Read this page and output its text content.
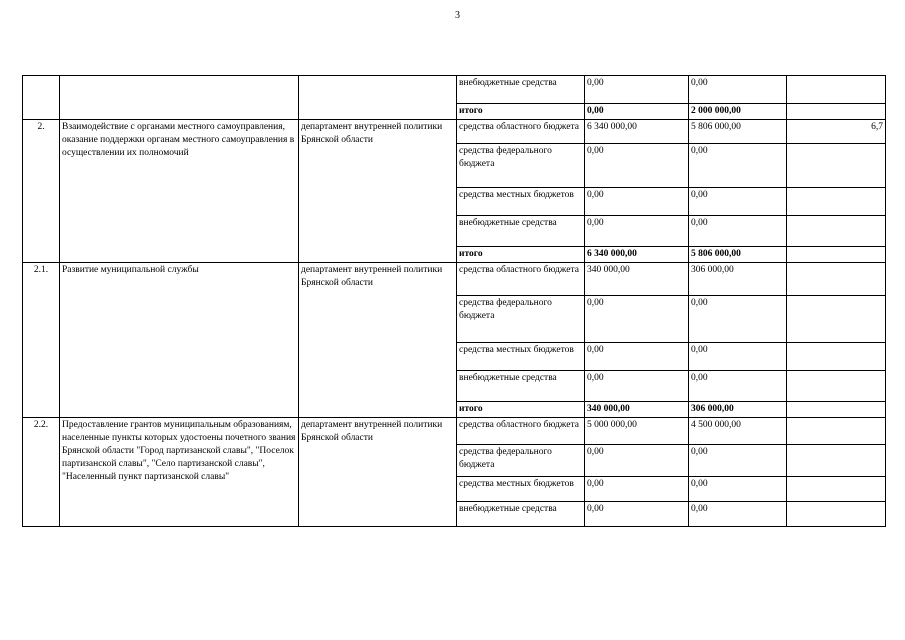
3
			внебюджетные средства	0,00	0,00	
			итого	0,00	2 000 000,00	
2.	Взаимодействие с органами местного самоуправления, оказание поддержки органам местного самоуправления в осуществлении их полномочий	департамент внутренней политики Брянской области	средства областного бюджета	6 340 000,00	5 806 000,00	6,7
			средства федерального бюджета	0,00	0,00	
			средства местных бюджетов	0,00	0,00	
			внебюджетные средства	0,00	0,00	
			итого	6 340 000,00	5 806 000,00	
2.1.	Развитие муниципальной службы	департамент внутренней политики Брянской области	средства областного бюджета	340 000,00	306 000,00	
			средства федерального бюджета	0,00	0,00	
			средства местных бюджетов	0,00	0,00	
			внебюджетные средства	0,00	0,00	
			итого	340 000,00	306 000,00	
2.2.	Предоставление грантов муниципальным образованиям, населенные пункты которых удостоены почетного звания Брянской области "Город партизанской славы", "Поселок партизанской славы", "Село партизанской славы", "Населенный пункт партизанской славы"	департамент внутренней политики Брянской области	средства областного бюджета	5 000 000,00	4 500 000,00	
			средства федерального бюджета	0,00	0,00	
			средства местных бюджетов	0,00	0,00	
			внебюджетные средства	0,00	0,00	
